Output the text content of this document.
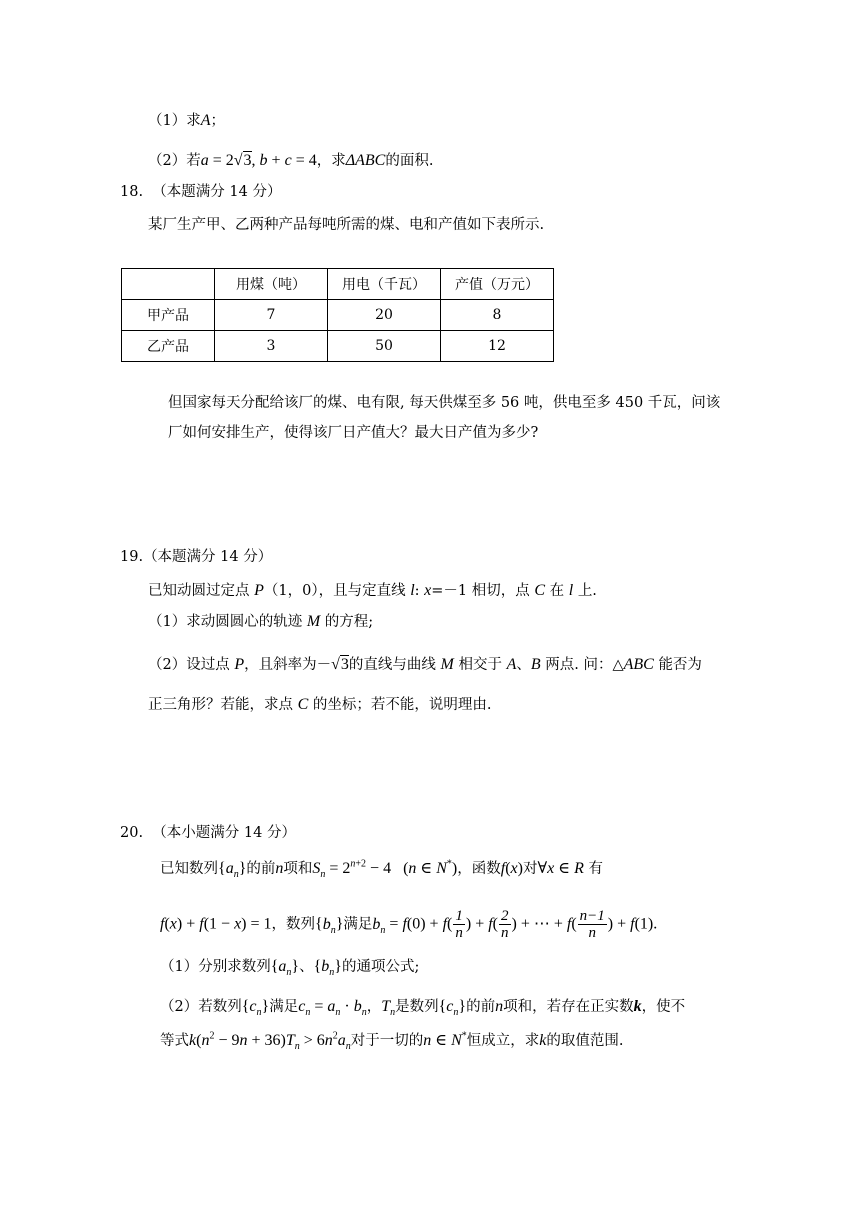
（1）求A；
（2）若a = 2√3, b + c = 4，求ΔABC的面积.
18. （本题满分 14 分）
某厂生产甲、乙两种产品每吨所需的煤、电和产值如下表所示.
	用煤（吨）	用电（千瓦）	产值（万元）
甲产品	7	20	8
乙产品	3	50	12
但国家每天分配给该厂的煤、电有限, 每天供煤至多 56 吨，供电至多 450 千瓦，问该
厂如何安排生产，使得该厂日产值大？最大日产值为多少?
19.（本题满分 14 分）
已知动圆过定点 P（1，0），且与定直线 l: x=－1 相切，点 C 在 l 上.
（1）求动圆圆心的轨迹 M 的方程;
（2）设过点 P，且斜率为－√3的直线与曲线 M 相交于 A、B 两点. 问：△ABC 能否为
正三角形？若能，求点 C 的坐标；若不能，说明理由.
20. （本小题满分 14 分）
已知数列$\{a_n\}$的前n项和$S_n = 2^{n+2} - 4$   (n ∈ N*)，函数f(x)对∀x ∈ R 有
f(x) + f(1 − x) = 1，数列$\{b_n\}$满足$b_n = f(0) + f( \frac{1}{n}$ ) + $f( \frac{2}{n}$ ) + ⋯ + $f( \frac{n-1}{n}$ ) + f(1).
（1）分别求数列$\{a_n\}$、$\{b_n\}$的通项公式;
（2）若数列$\{c_n\}$满足$c_n = a_n \cdot b_n$，$T_n$是数列$\{c_n\}$的前n项和，若存在正实数k，使不
等式$k(n^2 - 9n + 36)T_n > 6n^2a_n$对于一切的n ∈ N*恒成立，求k的取值范围.
